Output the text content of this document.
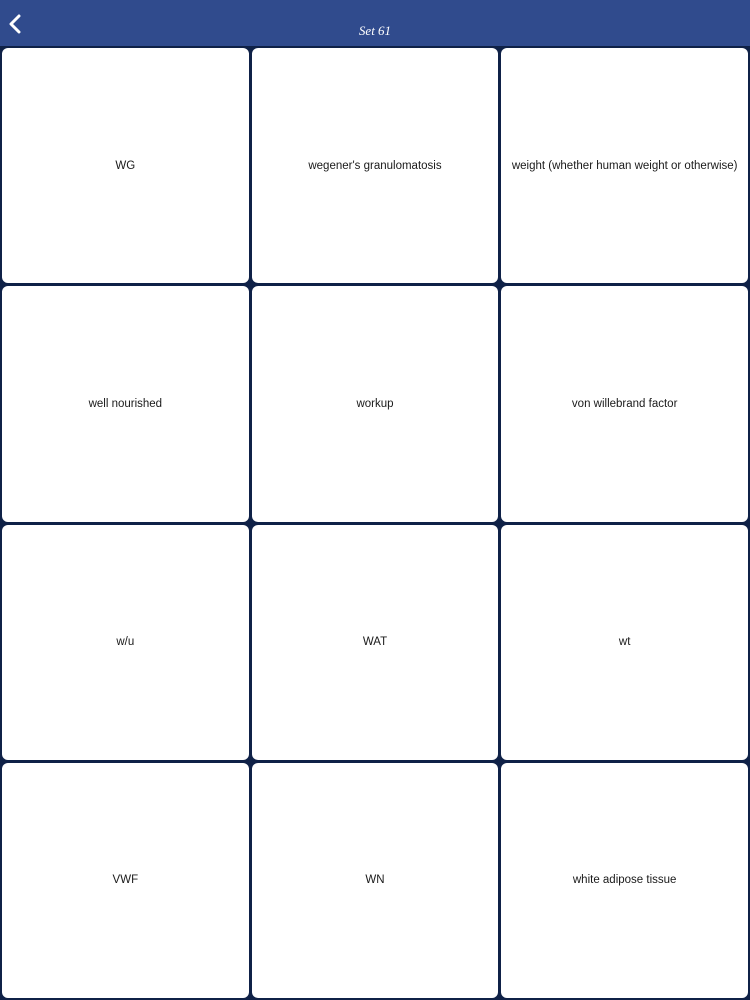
Set 61
WG	wegener's granulomatosis	weight (whether human weight or otherwise)
well nourished	workup	von willebrand factor
w/u	WAT	wt
VWF	WN	white adipose tissue
